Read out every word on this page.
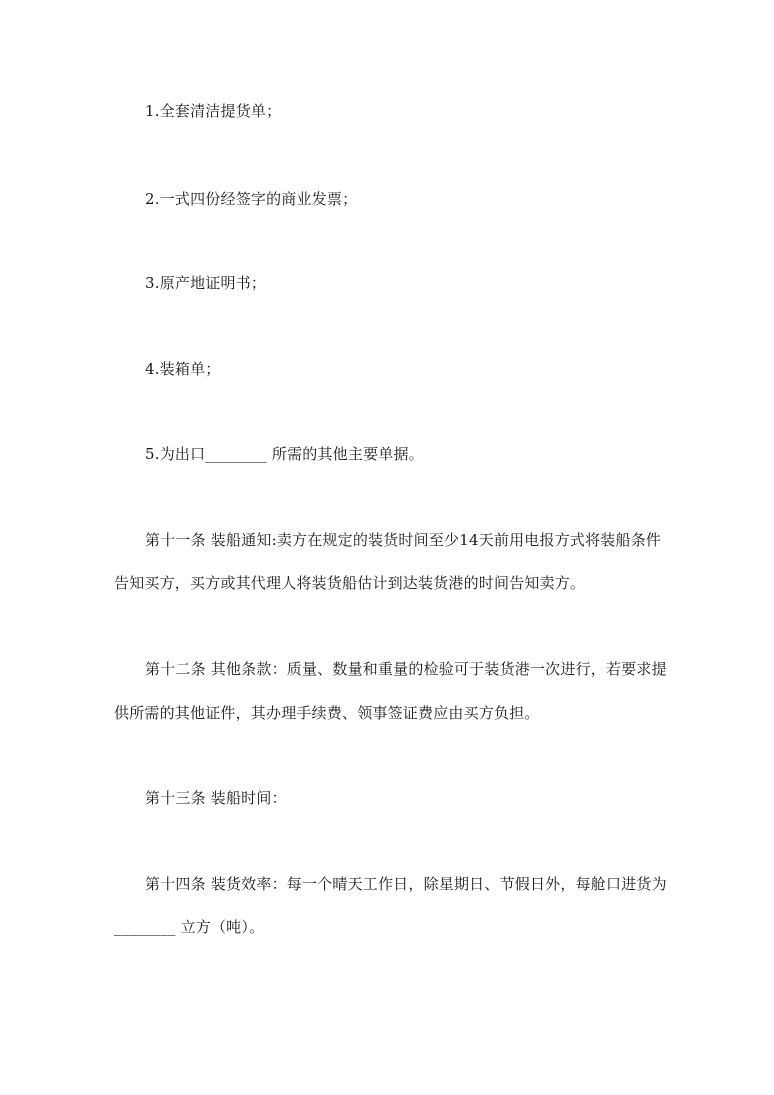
1.全套清洁提货单；
2.一式四份经签字的商业发票；
3.原产地证明书；
4.装箱单；
5.为出口________ 所需的其他主要单据。
第十一条 装船通知:卖方在规定的装货时间至少14天前用电报方式将装船条件
告知买方，买方或其代理人将装货船估计到达装货港的时间告知卖方。
第十二条 其他条款：质量、数量和重量的检验可于装货港一次进行，若要求提
供所需的其他证件，其办理手续费、领事签证费应由买方负担。
第十三条 装船时间：
第十四条 装货效率：每一个晴天工作日，除星期日、节假日外，每舱口进货为
________ 立方（吨）。
